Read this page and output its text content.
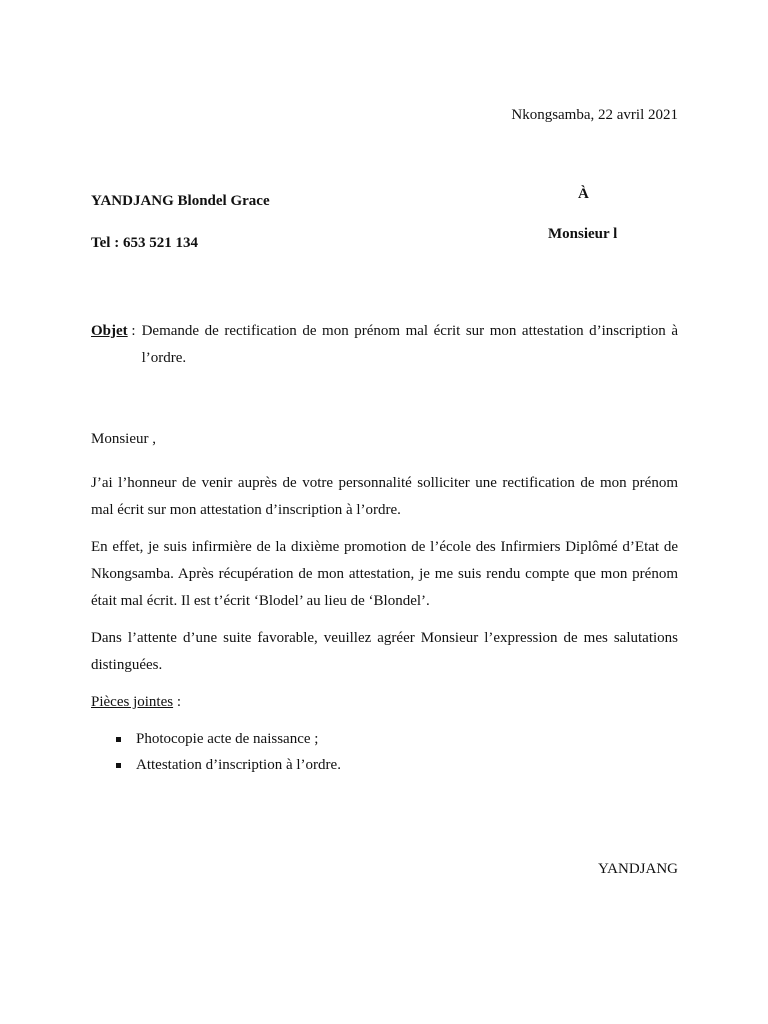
Nkongsamba, 22 avril 2021
YANDJANG Blondel Grace
Tel : 653 521 134
À
Monsieur l
Objet : Demande de rectification de mon prénom mal écrit sur mon attestation d’inscription à l’ordre.
Monsieur ,

J’ai l’honneur de venir auprès de votre personnalité solliciter une rectification de mon prénom mal écrit sur mon attestation d’inscription à l’ordre.

En effet, je suis infirmière de la dixième promotion de l’école des Infirmiers Diplômé d’Etat de Nkongsamba. Après récupération de mon attestation, je me suis rendu compte que mon prénom était mal écrit. Il est t’écrit ‘Blodel’ au lieu de ‘Blondel’.

Dans l’attente d’une suite favorable, veuillez agréer Monsieur l’expression de mes salutations distinguées.

Pièces jointes :
Photocopie acte de naissance ;
Attestation d’inscription à l’ordre.
YANDJANG
